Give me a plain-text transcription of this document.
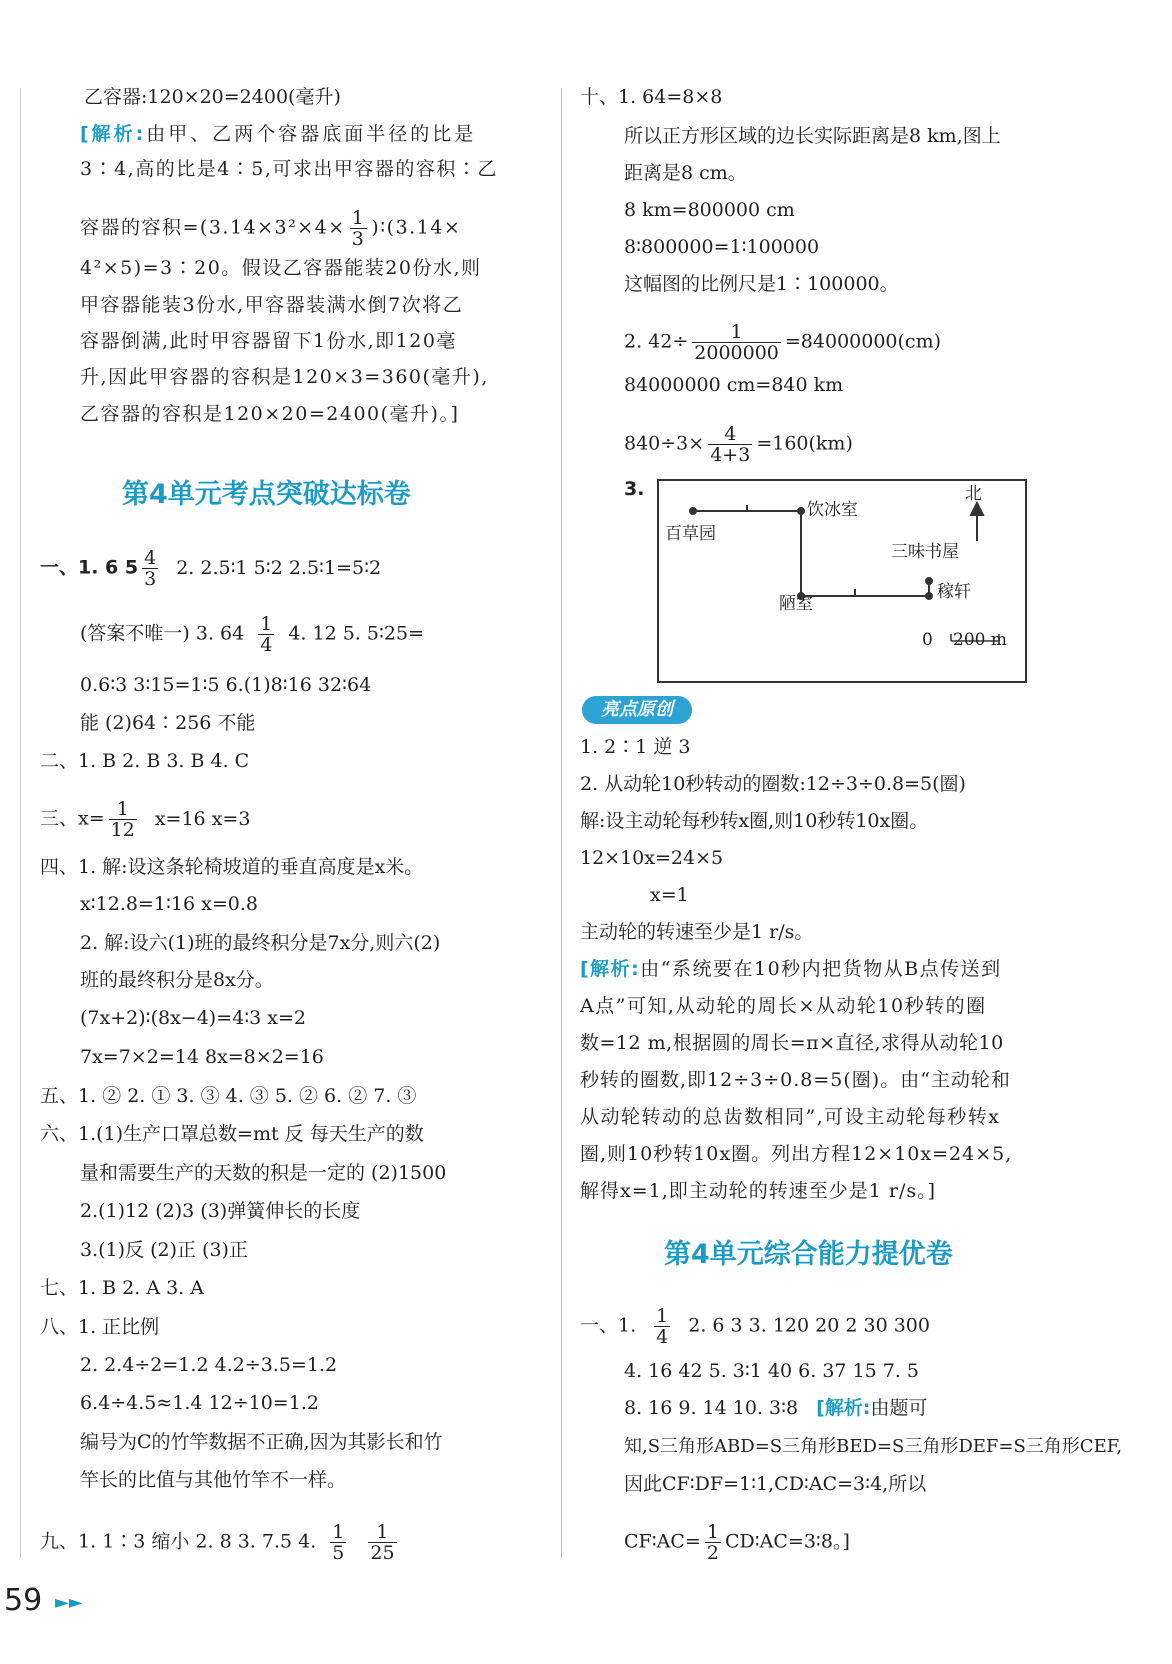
乙容器:120×20=2400(毫升)
[解析:由甲、乙两个容器底面半径的比是
3∶4,高的比是4∶5,可求出甲容器的容积∶乙
容器的容积$=(3.14\times 3^2\times 4\times \frac{1}{3}$ )∶(3.14×
4²×5)=3∶20。假设乙容器能装20份水,则
甲容器能装3份水,甲容器装满水倒7次将乙
容器倒满,此时甲容器留下1份水,即120毫
升,因此甲容器的容积是120×3=360(毫升),
乙容器的容积是120×20=2400(毫升)。]
第4单元考点突破达标卷
一、1. 6 $5 \frac{4}{3} 2$. 2.5∶1 5∶2 2.5∶1=5∶2
(答案不唯一) 3. $64 \frac{1}{4} 4$. 12 5. 5∶25=
0.6∶3 3∶15=1∶5 6.(1)8∶16 32∶64
能 (2)64∶256 不能
二、1. B 2. B 3. B 4. C
三、$x= \frac{1}{12} x=16$ x=3
四、1. 解:设这条轮椅坡道的垂直高度是x米。
x∶12.8=1∶16 x=0.8
2. 解:设六(1)班的最终积分是7x分,则六(2)
班的最终积分是8x分。
(7x+2)∶(8x−4)=4∶3 x=2
7x=7×2=14 8x=8×2=16
五、1. ② 2. ① 3. ③ 4. ③ 5. ② 6. ② 7. ③
六、1.(1)生产口罩总数=mt 反 每天生产的数
量和需要生产的天数的积是一定的 (2)1500
2.(1)12 (2)3 (3)弹簧伸长的长度
3.(1)反 (2)正 (3)正
七、1. B 2. A 3. A
八、1. 正比例
2. 2.4÷2=1.2 4.2÷3.5=1.2
6.4÷4.5≈1.4 12÷10=1.2
编号为C的竹竿数据不正确,因为其影长和竹
竿长的比值与其他竹竿不一样。
九、1. 1∶3 缩小 2. 8 3. 7.5 4. $\frac{1}{5} \frac{1}{25}$
十、1. 64=8×8
所以正方形区域的边长实际距离是8 km,图上
距离是8 cm。
8 km=800000 cm
8∶800000=1∶100000
这幅图的比例尺是1∶100000。
2. $42\div \frac{1}{2000000} =84000000(cm)$
84000000 cm=840 km
$840\div 3\times \frac{4}{4+3} =160(km)$
3.
1. 2∶1 逆 3
2. 从动轮10秒转动的圈数:12÷3÷0.8=5(圈)
解:设主动轮每秒转x圈,则10秒转10x圈。
12×10x=24×5
x=1
主动轮的转速至少是1 r/s。
[解析:由“系统要在10秒内把货物从B点传送到
A点”可知,从动轮的周长×从动轮10秒转的圈
数=12 m,根据圆的周长=π×直径,求得从动轮10
秒转的圈数,即12÷3÷0.8=5(圈)。由“主动轮和
从动轮转动的总齿数相同”,可设主动轮每秒转x
圈,则10秒转10x圈。列出方程12×10x=24×5,
解得x=1,即主动轮的转速至少是1 r/s。]
第4单元综合能力提优卷
一、1. $\frac{1}{4} 2$. 6 3 3. 120 20 2 30 300
4. 16 42 5. 3∶1 40 6. 37 15 7. 5
8. 16 9. 14 10. 3∶8 [解析:由题可
知,S三角形ABD=S三角形BED=S三角形DEF=S三角形CEF,
因此CF∶DF=1∶1,CD∶AC=3∶4,所以
CF∶AC= $\frac{1}{2}$ CD∶AC=3∶8。]
百草园
饮冰室
三味书屋
稼轩
陋室
北
0 200 m
亮点原创
59 ►►
